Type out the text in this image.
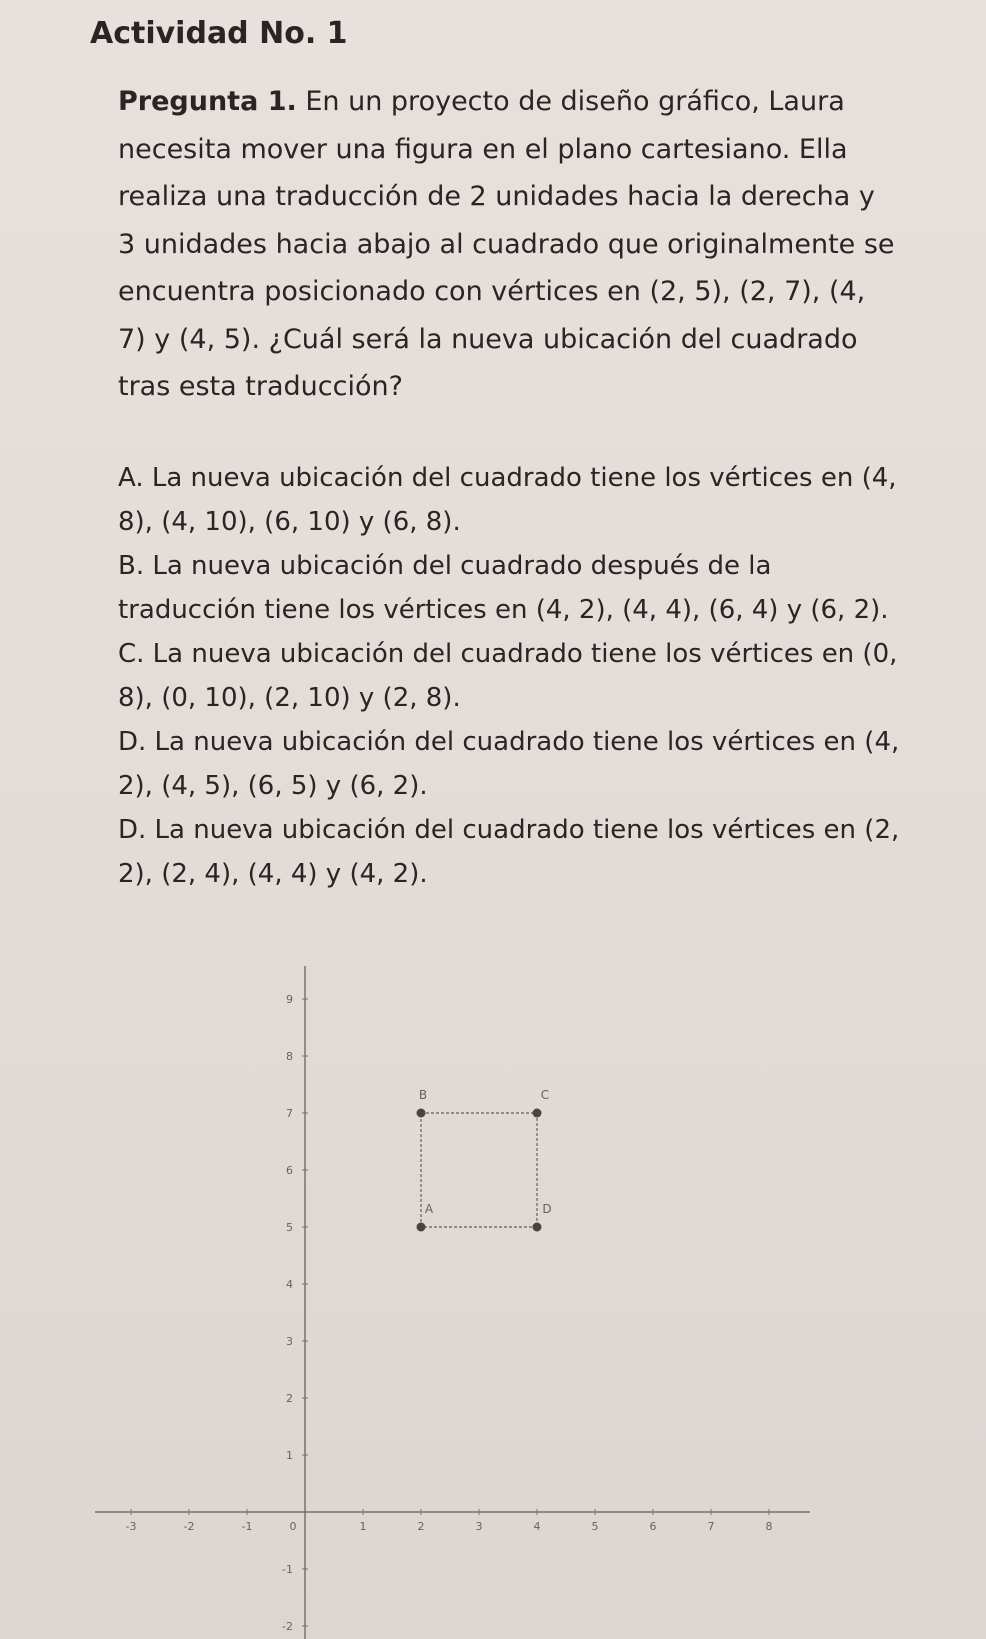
Actividad No. 1
Pregunta 1. En un proyecto de diseño gráfico, Laura necesita mover una figura en el plano cartesiano. Ella realiza una traducción de 2 unidades hacia la derecha y 3 unidades hacia abajo al cuadrado que originalmente se encuentra posicionado con vértices en (2, 5), (2, 7), (4, 7) y (4, 5). ¿Cuál será la nueva ubicación del cuadrado tras esta traducción?

A. La nueva ubicación del cuadrado tiene los vértices en (4, 8), (4, 10), (6, 10) y (6, 8).

B. La nueva ubicación del cuadrado después de la traducción tiene los vértices en (4, 2), (4, 4), (6, 4) y (6, 2).

C. La nueva ubicación del cuadrado tiene los vértices en (0, 8), (0, 10), (2, 10) y (2, 8).

D. La nueva ubicación del cuadrado tiene los vértices en (4, 2), (4, 5), (6, 5) y (6, 2).

D. La nueva ubicación del cuadrado tiene los vértices en (2, 2), (2, 4), (4, 4) y (4, 2).

-3	-2	-1	0	1	2	3	4	5	6	7	8
9
8
7
6
5
4
3
2
1
-1
-2
A
B	C
D
